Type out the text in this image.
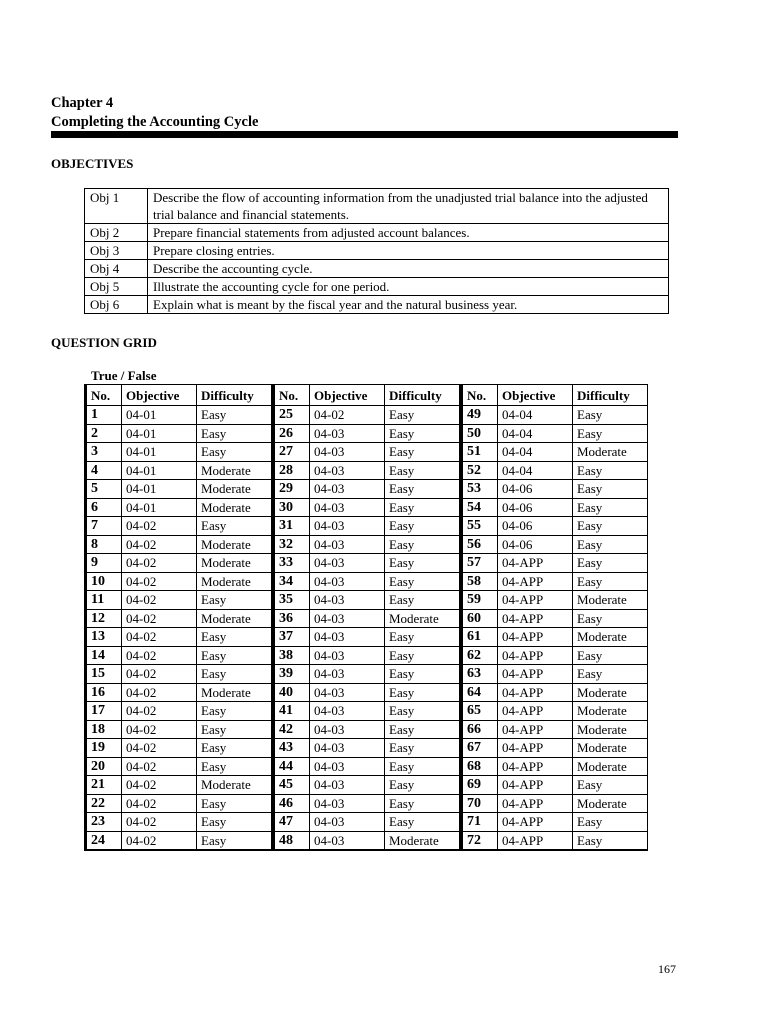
Chapter 4
Completing the Accounting Cycle
OBJECTIVES
Obj 1	Describe the flow of accounting information from the unadjusted trial balance into the adjusted trial balance and financial statements.
Obj 2	Prepare financial statements from adjusted account balances.
Obj 3	Prepare closing entries.
Obj 4	Describe the accounting cycle.
Obj 5	Illustrate the accounting cycle for one period.
Obj 6	Explain what is meant by the fiscal year and the natural business year.
QUESTION GRID
True / False
No.	Objective	Difficulty
1	04-01	Easy
2	04-01	Easy
3	04-01	Easy
4	04-01	Moderate
5	04-01	Moderate
6	04-01	Moderate
7	04-02	Easy
8	04-02	Moderate
9	04-02	Moderate
10	04-02	Moderate
11	04-02	Easy
12	04-02	Moderate
13	04-02	Easy
14	04-02	Easy
15	04-02	Easy
16	04-02	Moderate
17	04-02	Easy
18	04-02	Easy
19	04-02	Easy
20	04-02	Easy
21	04-02	Moderate
22	04-02	Easy
23	04-02	Easy
24	04-02	Easy
No.	Objective	Difficulty
25	04-02	Easy
26	04-03	Easy
27	04-03	Easy
28	04-03	Easy
29	04-03	Easy
30	04-03	Easy
31	04-03	Easy
32	04-03	Easy
33	04-03	Easy
34	04-03	Easy
35	04-03	Easy
36	04-03	Moderate
37	04-03	Easy
38	04-03	Easy
39	04-03	Easy
40	04-03	Easy
41	04-03	Easy
42	04-03	Easy
43	04-03	Easy
44	04-03	Easy
45	04-03	Easy
46	04-03	Easy
47	04-03	Easy
48	04-03	Moderate
No.	Objective	Difficulty
49	04-04	Easy
50	04-04	Easy
51	04-04	Moderate
52	04-04	Easy
53	04-06	Easy
54	04-06	Easy
55	04-06	Easy
56	04-06	Easy
57	04-APP	Easy
58	04-APP	Easy
59	04-APP	Moderate
60	04-APP	Easy
61	04-APP	Moderate
62	04-APP	Easy
63	04-APP	Easy
64	04-APP	Moderate
65	04-APP	Moderate
66	04-APP	Moderate
67	04-APP	Moderate
68	04-APP	Moderate
69	04-APP	Easy
70	04-APP	Moderate
71	04-APP	Easy
72	04-APP	Easy
167
